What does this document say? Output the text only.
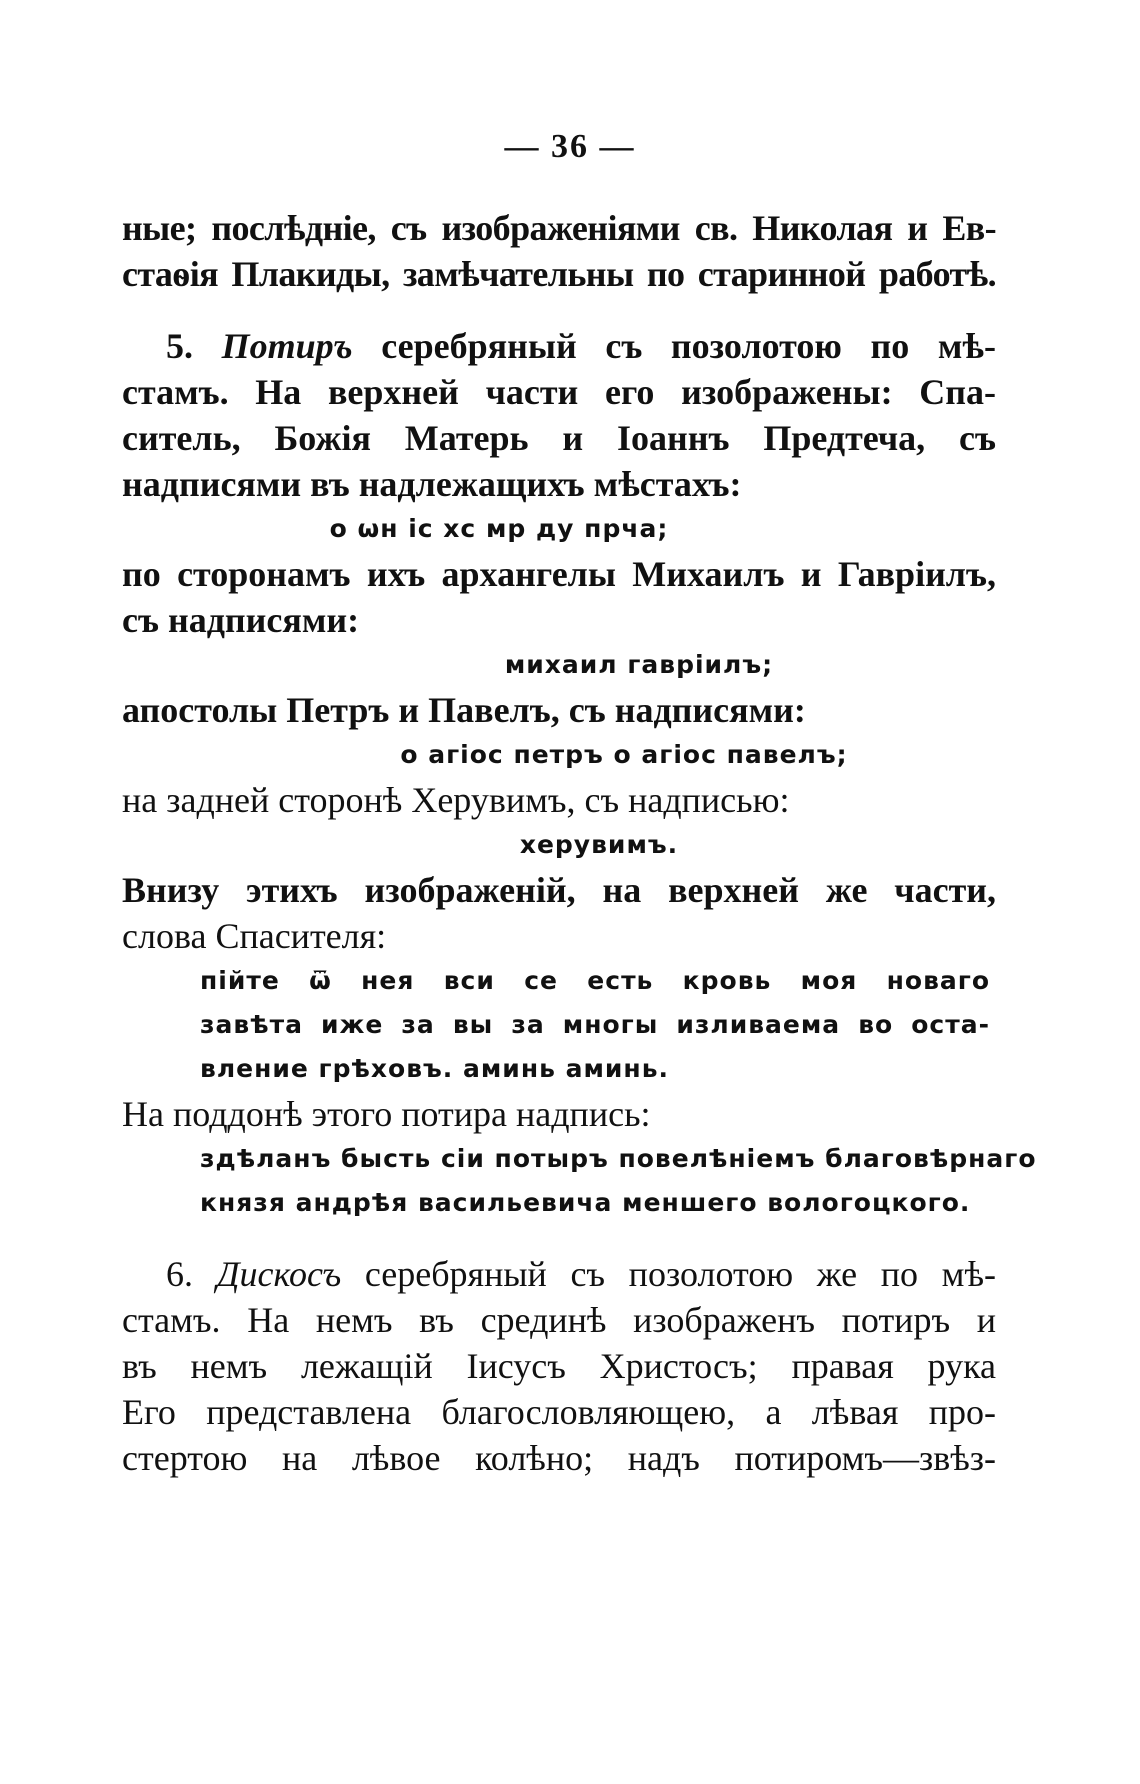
— 36 —
ные; послѣдніе, съ изображеніями св. Николая и Ев-
стаѳія Плакиды, замѣчательны по старинной работѣ.
5. Потиръ серебряный съ позолотою по мѣ-
стамъ. На верхней части его изображены: Спа-
ситель, Божія Матерь и Іоаннъ Предтеча, съ
надписями въ надлежащихъ мѣстахъ:
о ѡн іс хс мр ду прча;
по сторонамъ ихъ архангелы Михаилъ и Гавріилъ,
съ надписями:
михаил гавріилъ;
апостолы Петръ и Павелъ, съ надписями:
о агіос петръ о агіос павелъ;
на задней сторонѣ Херувимъ, съ надписью:
херувимъ.
Внизу этихъ изображеній, на верхней же части,
слова Спасителя:
пійте ѿ нея вси се есть кровь моя новаго
завѣта иже за вы за многы изливаема во оста-
вление грѣховъ. аминь аминь.
На поддонѣ этого потира надпись:
здѣланъ бысть сіи потыръ повелѣніемъ благовѣрнаго
князя андрѣя васильевича меншего вологоцкого.
6. Дискосъ серебряный съ позолотою же по мѣ-
стамъ. На немъ въ срединѣ изображенъ потиръ и
въ немъ лежащій Іисусъ Христосъ; правая рука
Его представлена благословляющею, а лѣвая про-
стертою на лѣвое колѣно; надъ потиромъ—звѣз-
